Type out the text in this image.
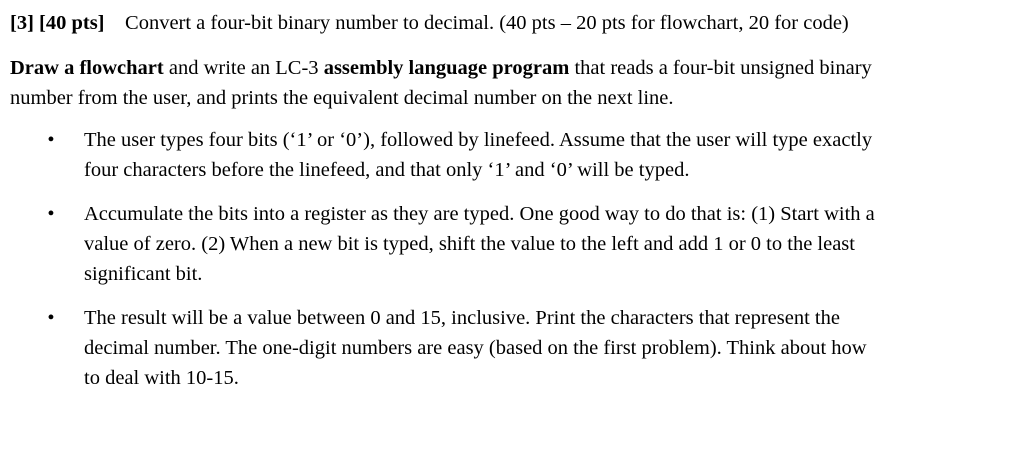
[3] [40 pts] Convert a four-bit binary number to decimal. (40 pts – 20 pts for flowchart, 20 for code)
Draw a flowchart and write an LC-3 assembly language program that reads a four-bit unsigned binary
number from the user, and prints the equivalent decimal number on the next line.
• The user types four bits (‘1’ or ‘0’), followed by linefeed. Assume that the user will type exactly
four characters before the linefeed, and that only ‘1’ and ‘0’ will be typed.
• Accumulate the bits into a register as they are typed. One good way to do that is: (1) Start with a
value of zero. (2) When a new bit is typed, shift the value to the left and add 1 or 0 to the least
significant bit.
• The result will be a value between 0 and 15, inclusive. Print the characters that represent the
decimal number. The one-digit numbers are easy (based on the first problem). Think about how
to deal with 10-15.
